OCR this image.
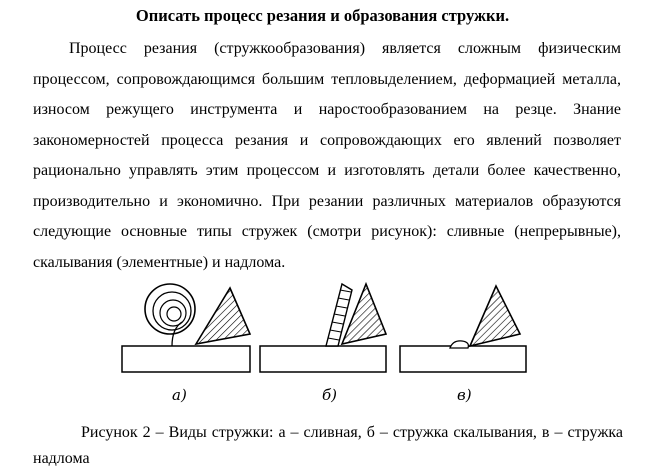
Описать процесс резания и образования стружки.

Процесс резания (стружкообразования) является сложным физическим процессом, сопровождающимся большим тепловыделением, деформацией металла, износом режущего инструмента и наростообразованием на резце. Знание закономерностей процесса резания и сопровождающих его явлений позволяет рационально управлять этим процессом и изготовлять детали более качественно, производительно и экономично. При резании различных материалов образуются следующие основные типы стружек (смотри рисунок): сливные (непрерывные), скалывания (элементные) и надлома.

а)	б)	в)

Рисунок 2 – Виды стружки: а – сливная, б – стружка скалывания, в – стружка надлома
